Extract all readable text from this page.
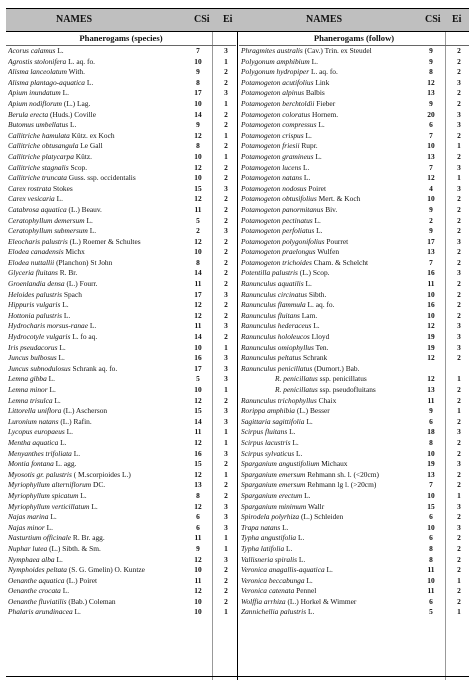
NAMES	CSi Ei	NAMES	CSi Ei
Phanerogams (species)
Acorus calamus L.	7	3
Agrostis stolonifera L. aq. fo.	10	1
Alisma lanceolatum With.	9	2
Alisma plantago-aquatica L.	8	2
Apium inundatum L.	17	3
Apium nodiflorum (L.) Lag.	10	1
Berula erecta (Huds.) Coville	14	2
Butomus umbellatus L.	9	2
Callitriche hamulata Kütz. ex Koch	12	1
Callitriche obtusangula Le Gall	8	2
Callitriche platycarpa Kütz.	10	1
Callitriche stagnalis Scop.	12	2
Callitriche truncata Guss. ssp. occidentalis	10	2
Carex rostrata Stokes	15	3
Carex vesicaria L.	12	2
Catabrosa aquatica (L.) Beauv.	11	2
Ceratophyllum demersum L.	5	2
Ceratophyllum submersum L.	2	3
Eleocharis palustris (L.) Roemer & Schultes	12	2
Elodea canadensis Michx	10	2
Elodea nuttallii (Planchon) St John	8	2
Glyceria fluitans R. Br.	14	2
Groenlandia densa (L.) Fourr.	11	2
Heloides palustris Spach	17	3
Hippuris vulgaris L.	12	2
Hottonia palustris L.	12	2
Hydrocharis morsus-ranae L.	11	3
Hydrocotyle vulgaris L. fo aq.	14	2
Iris pseudacorus L.	10	1
Juncus bulbosus L.	16	3
Juncus subnodulosus Schrank aq. fo.	17	3
Lemna gibba L.	5	3
Lemna minor L.	10	1
Lemna trisulca L.	12	2
Littorella uniflora (L.) Ascherson	15	3
Luronium natans (L.) Rafin.	14	3
Lycopus europaeus L.	11	1
Mentha aquatica L.	12	1
Menyanthes trifoliata L.	16	3
Montia fontana L. agg.	15	2
Myosotis gr. palustris ( M.scorpioides L.)	12	1
Myriophyllum alterniflorum DC.	13	2
Myriophyllum spicatum L.	8	2
Myriophyllum verticillatum L.	12	3
Najas marina L.	6	3
Najas minor L.	6	3
Nasturtium officinale R. Br. agg.	11	1
Nuphar lutea (L.) Sibth. & Sm.	9	1
Nymphaea alba L.	12	3
Nymphoides peltata (S. G. Gmelin) O. Kuntze	10	2
Oenanthe aquatica (L.) Poiret	11	2
Oenanthe crocata L.	12	2
Oenanthe fluviatilis (Bab.) Coleman	10	2
Phalaris arundinacea L.	10	1
Phanerogams (follow)
Phragmites australis (Cav.) Trin. ex Steudel	9	2
Polygonum amphibium L.	9	2
Polygonum hydropiper L. aq. fo.	8	2
Potamogeton acutifolius Link	12	3
Potamogeton alpinus Balbis	13	2
Potamogeton berchtoldii Fieber	9	2
Potamogeton coloratus Hornem.	20	3
Potamogeton compressus L.	6	3
Potamogeton crispus L.	7	2
Potamogeton friesii Rupr.	10	1
Potamogeton gramineus L.	13	2
Potamogeton lucens L.	7	3
Potamogeton natans L.	12	1
Potamogeton nodosus Poiret	4	3
Potamogeton obtusifolius Mert. & Koch	10	2
Potamogeton panormitanus Biv.	9	2
Potamogeton pectinatus L.	2	2
Potamogeton perfoliatus L.	9	2
Potamogeton polygonifolius Pourret	17	3
Potamogeton praelongus Wulfen	13	2
Potamogeton trichoides Cham. & Schelcht	7	2
Potentilla palustris (L.) Scop.	16	3
Ranunculus aquatilis L.	11	2
Ranunculus circinatus Sibth.	10	2
Ranunculus flammula L. aq. fo.	16	2
Ranunculus fluitans Lam.	10	2
Ranunculus hederaceus L.	12	3
Ranunculus hololeucos Lloyd	19	3
Ranunculus omiophyllus Ten.	19	3
Ranunculus peltatus Schrank	12	2
Ranunculus penicillatus (Dumort.) Bab.
R. penicillatus ssp. penicillatus	12	1
R. penicillatus ssp. pseudofluitans	13	2
Ranunculus trichophyllus Chaix	11	2
Rorippa amphibia (L.) Besser	9	1
Sagittaria sagittifolia L.	6	2
Scirpus fluitans L.	18	3
Scirpus lacustris L.	8	2
Scirpus sylvaticus L.	10	2
Sparganium angustifolium Michaux	19	3
Sparganium emersum Rehmann sh. l. (<20cm)	13	2
Sparganium emersum Rehmann lg l. (>20cm)	7	2
Sparganium erectum L.	10	1
Sparganium minimum Wallr	15	3
Spirodela polyrhiza (L.) Schleiden	6	2
Trapa natans L.	10	3
Typha angustifolia L.	6	2
Typha latifolia L.	8	2
Vallisneria spiralis L.	8	2
Veronica anagallis-aquatica L.	11	2
Veronica beccabunga L.	10	1
Veronica catenata Pennel	11	2
Wolffia arrhiza (L.) Horkel & Wimmer	6	2
Zannichellia palustris L.	5	1
